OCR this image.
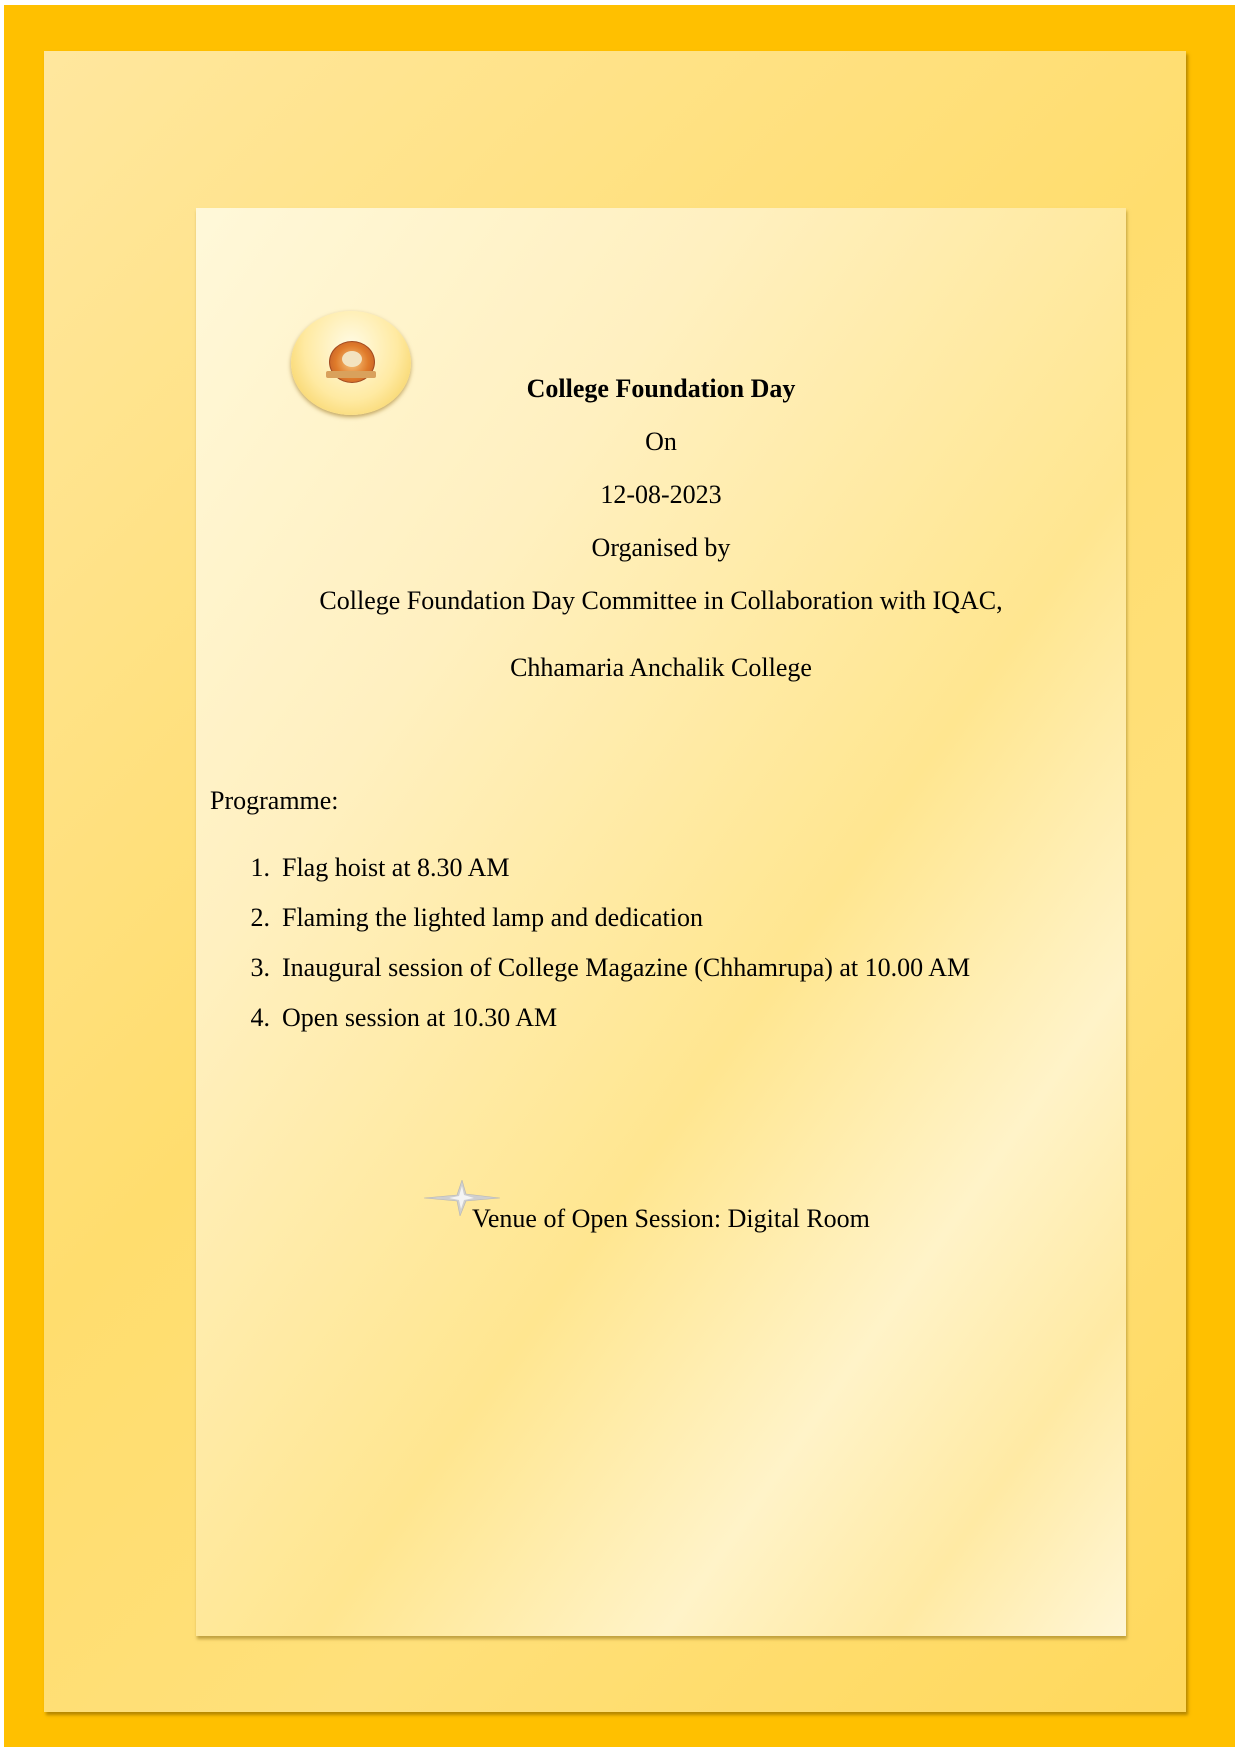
College Foundation Day
On
12-08-2023
Organised by
College Foundation Day Committee in Collaboration with IQAC,
Chhamaria Anchalik College
Programme:
1. Flag hoist at 8.30 AM
2. Flaming the lighted lamp and dedication
3. Inaugural session of College Magazine (Chhamrupa) at 10.00 AM
4. Open session at 10.30 AM
Venue of Open Session: Digital Room
